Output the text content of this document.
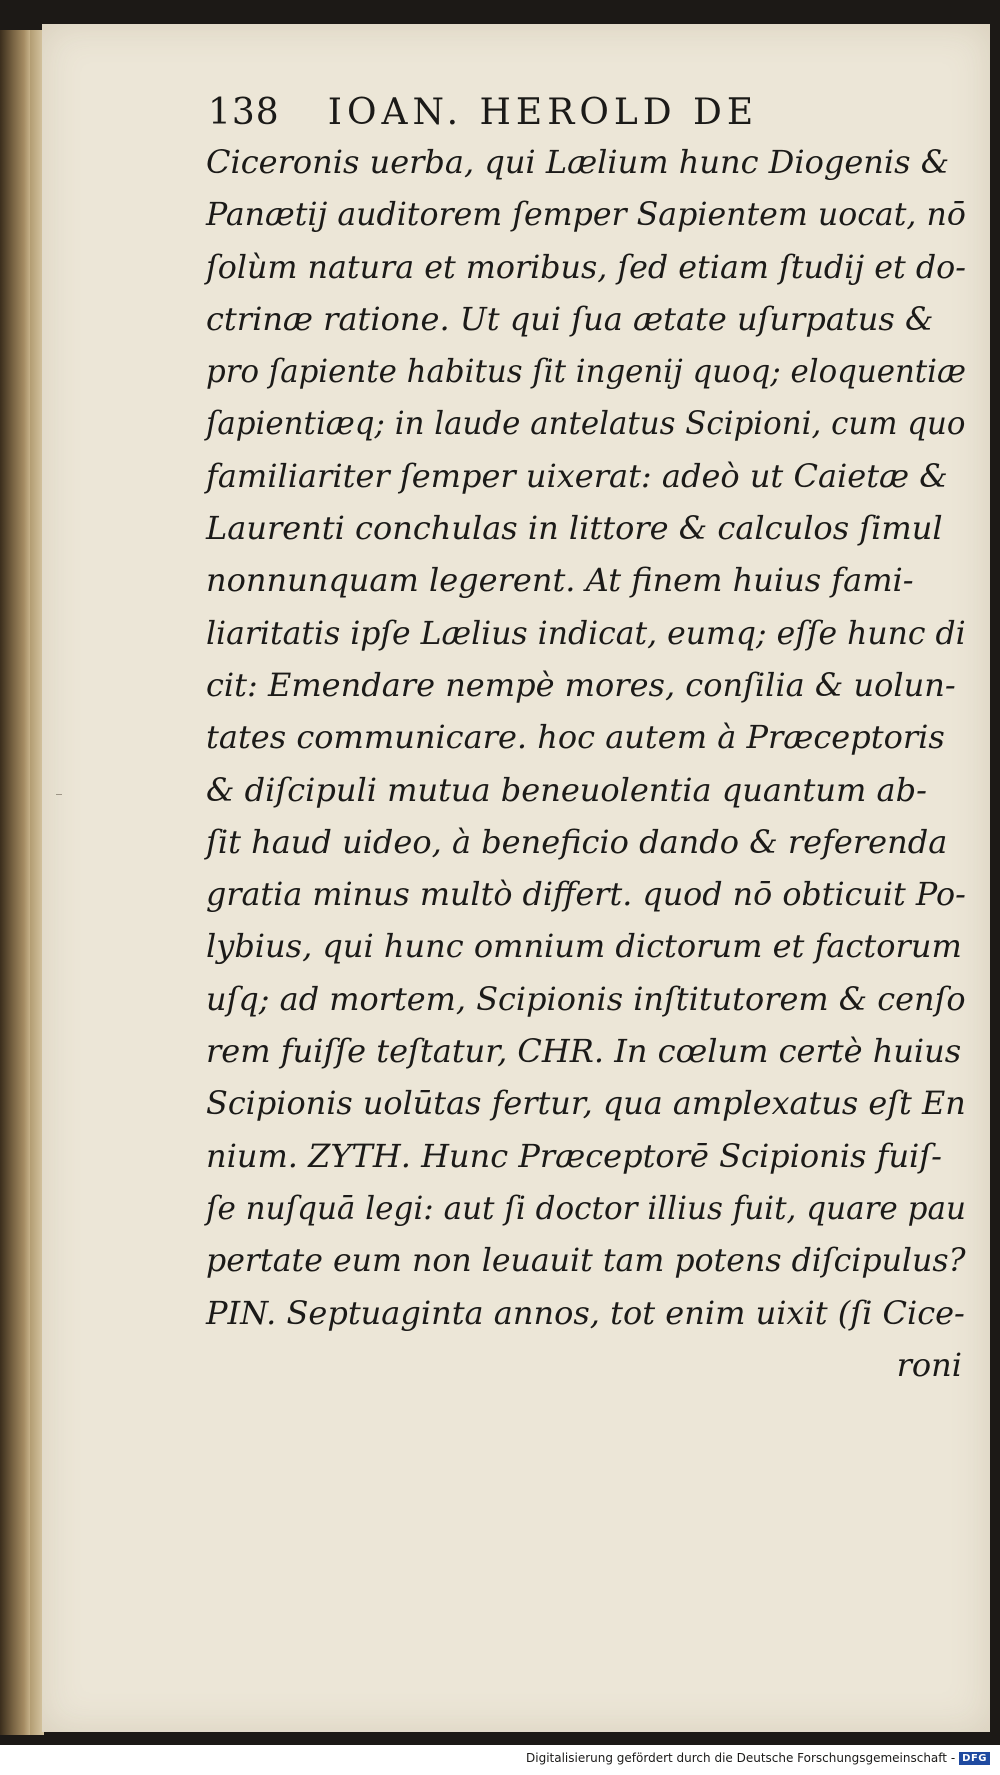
138 IOAN. HEROLD DE
Ciceronis uerba, qui Lælium hunc Diogenis &
Panætij auditorem ſemper Sapientem uocat, nō
ſolùm natura et moribus, ſed etiam ſtudij et do-
ctrinæ ratione. Ut qui ſua ætate uſurpatus &
pro ſapiente habitus ſit ingenij quoq; eloquentiæ
ſapientiæq; in laude antelatus Scipioni, cum quo
familiariter ſemper uixerat: adeò ut Caietæ &
Laurenti conchulas in littore & calculos ſimul
nonnunquam legerent. At finem huius fami-
liaritatis ipſe Lælius indicat, eumq; eſſe hunc di
cit: Emendare nempè mores, conſilia & uolun-
tates communicare. hoc autem à Præceptoris
& diſcipuli mutua beneuolentia quantum ab-
ſit haud uideo, à beneficio dando & referenda
gratia minus multò differt. quod nō obticuit Po-
lybius, qui hunc omnium dictorum et factorum
uſq; ad mortem, Scipionis inſtitutorem & cenſo
rem fuiſſe teſtatur, CHR. In cœlum certè huius
Scipionis uolūtas fertur, qua amplexatus eſt En
nium. ZYTH. Hunc Præceptorē Scipionis fuiſ-
ſe nuſquā legi: aut ſi doctor illius fuit, quare pau
pertate eum non leuauit tam potens diſcipulus?
PIN. Septuaginta annos, tot enim uixit (ſi Cice-
roni
Digitalisierung gefördert durch die Deutsche Forschungsgemeinschaft - DFG
